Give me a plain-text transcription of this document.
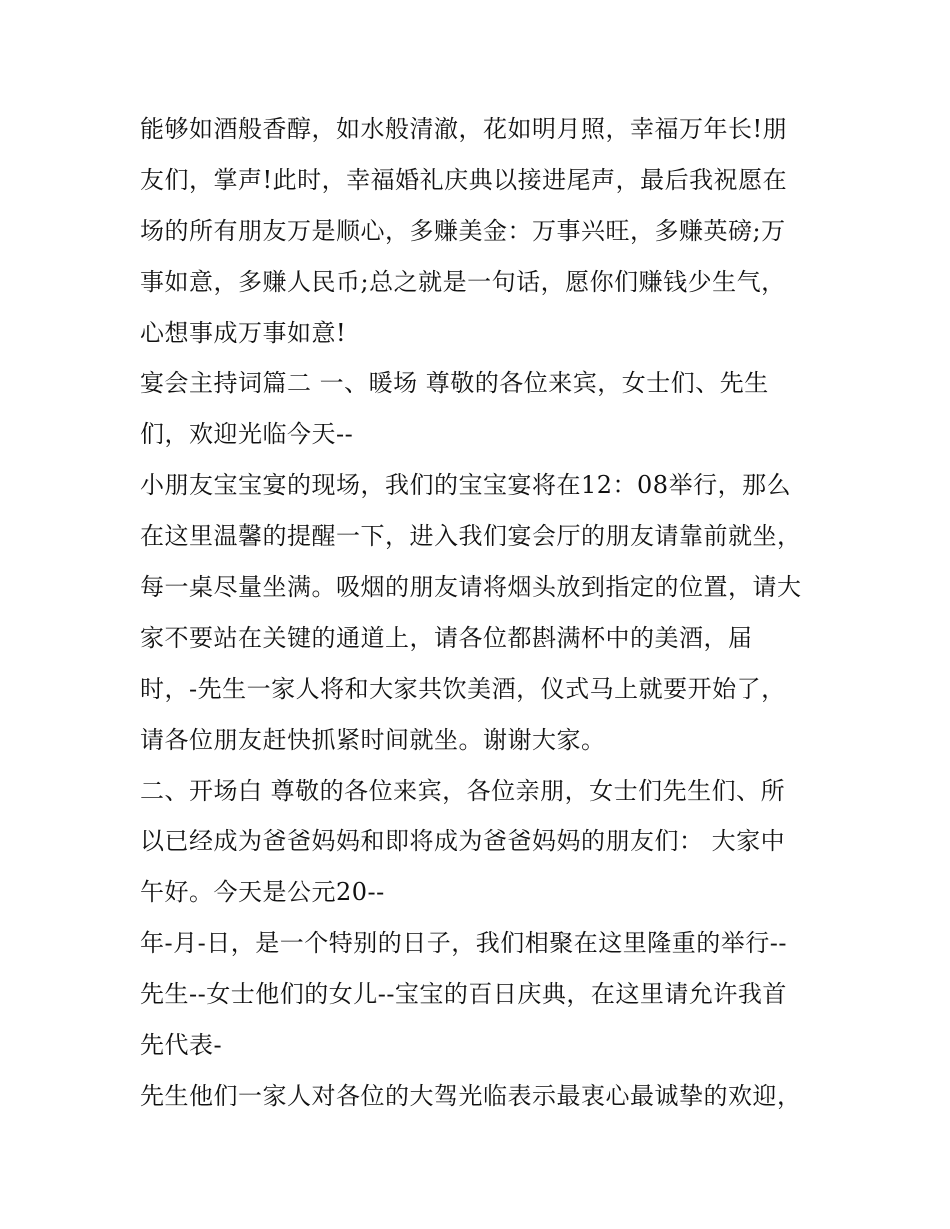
能够如酒般香醇，如水般清澈，花如明月照，幸福万年长!朋
友们，掌声!此时，幸福婚礼庆典以接进尾声，最后我祝愿在
场的所有朋友万是顺心，多赚美金：万事兴旺，多赚英磅;万
事如意，多赚人民币;总之就是一句话，愿你们赚钱少生气，
心想事成万事如意!
宴会主持词篇二 一、暖场 尊敬的各位来宾，女士们、先生
们，欢迎光临今天--
小朋友宝宝宴的现场，我们的宝宝宴将在12：08举行，那么
在这里温馨的提醒一下，进入我们宴会厅的朋友请靠前就坐，
每一桌尽量坐满。吸烟的朋友请将烟头放到指定的位置，请大
家不要站在关键的通道上，请各位都斟满杯中的美酒，届
时，-先生一家人将和大家共饮美酒，仪式马上就要开始了，
请各位朋友赶快抓紧时间就坐。谢谢大家。
二、开场白 尊敬的各位来宾，各位亲朋，女士们先生们、所
以已经成为爸爸妈妈和即将成为爸爸妈妈的朋友们： 大家中
午好。今天是公元20--
年-月-日，是一个特别的日子，我们相聚在这里隆重的举行--
先生--女士他们的女儿--宝宝的百日庆典，在这里请允许我首
先代表-
先生他们一家人对各位的大驾光临表示最衷心最诚挚的欢迎，
